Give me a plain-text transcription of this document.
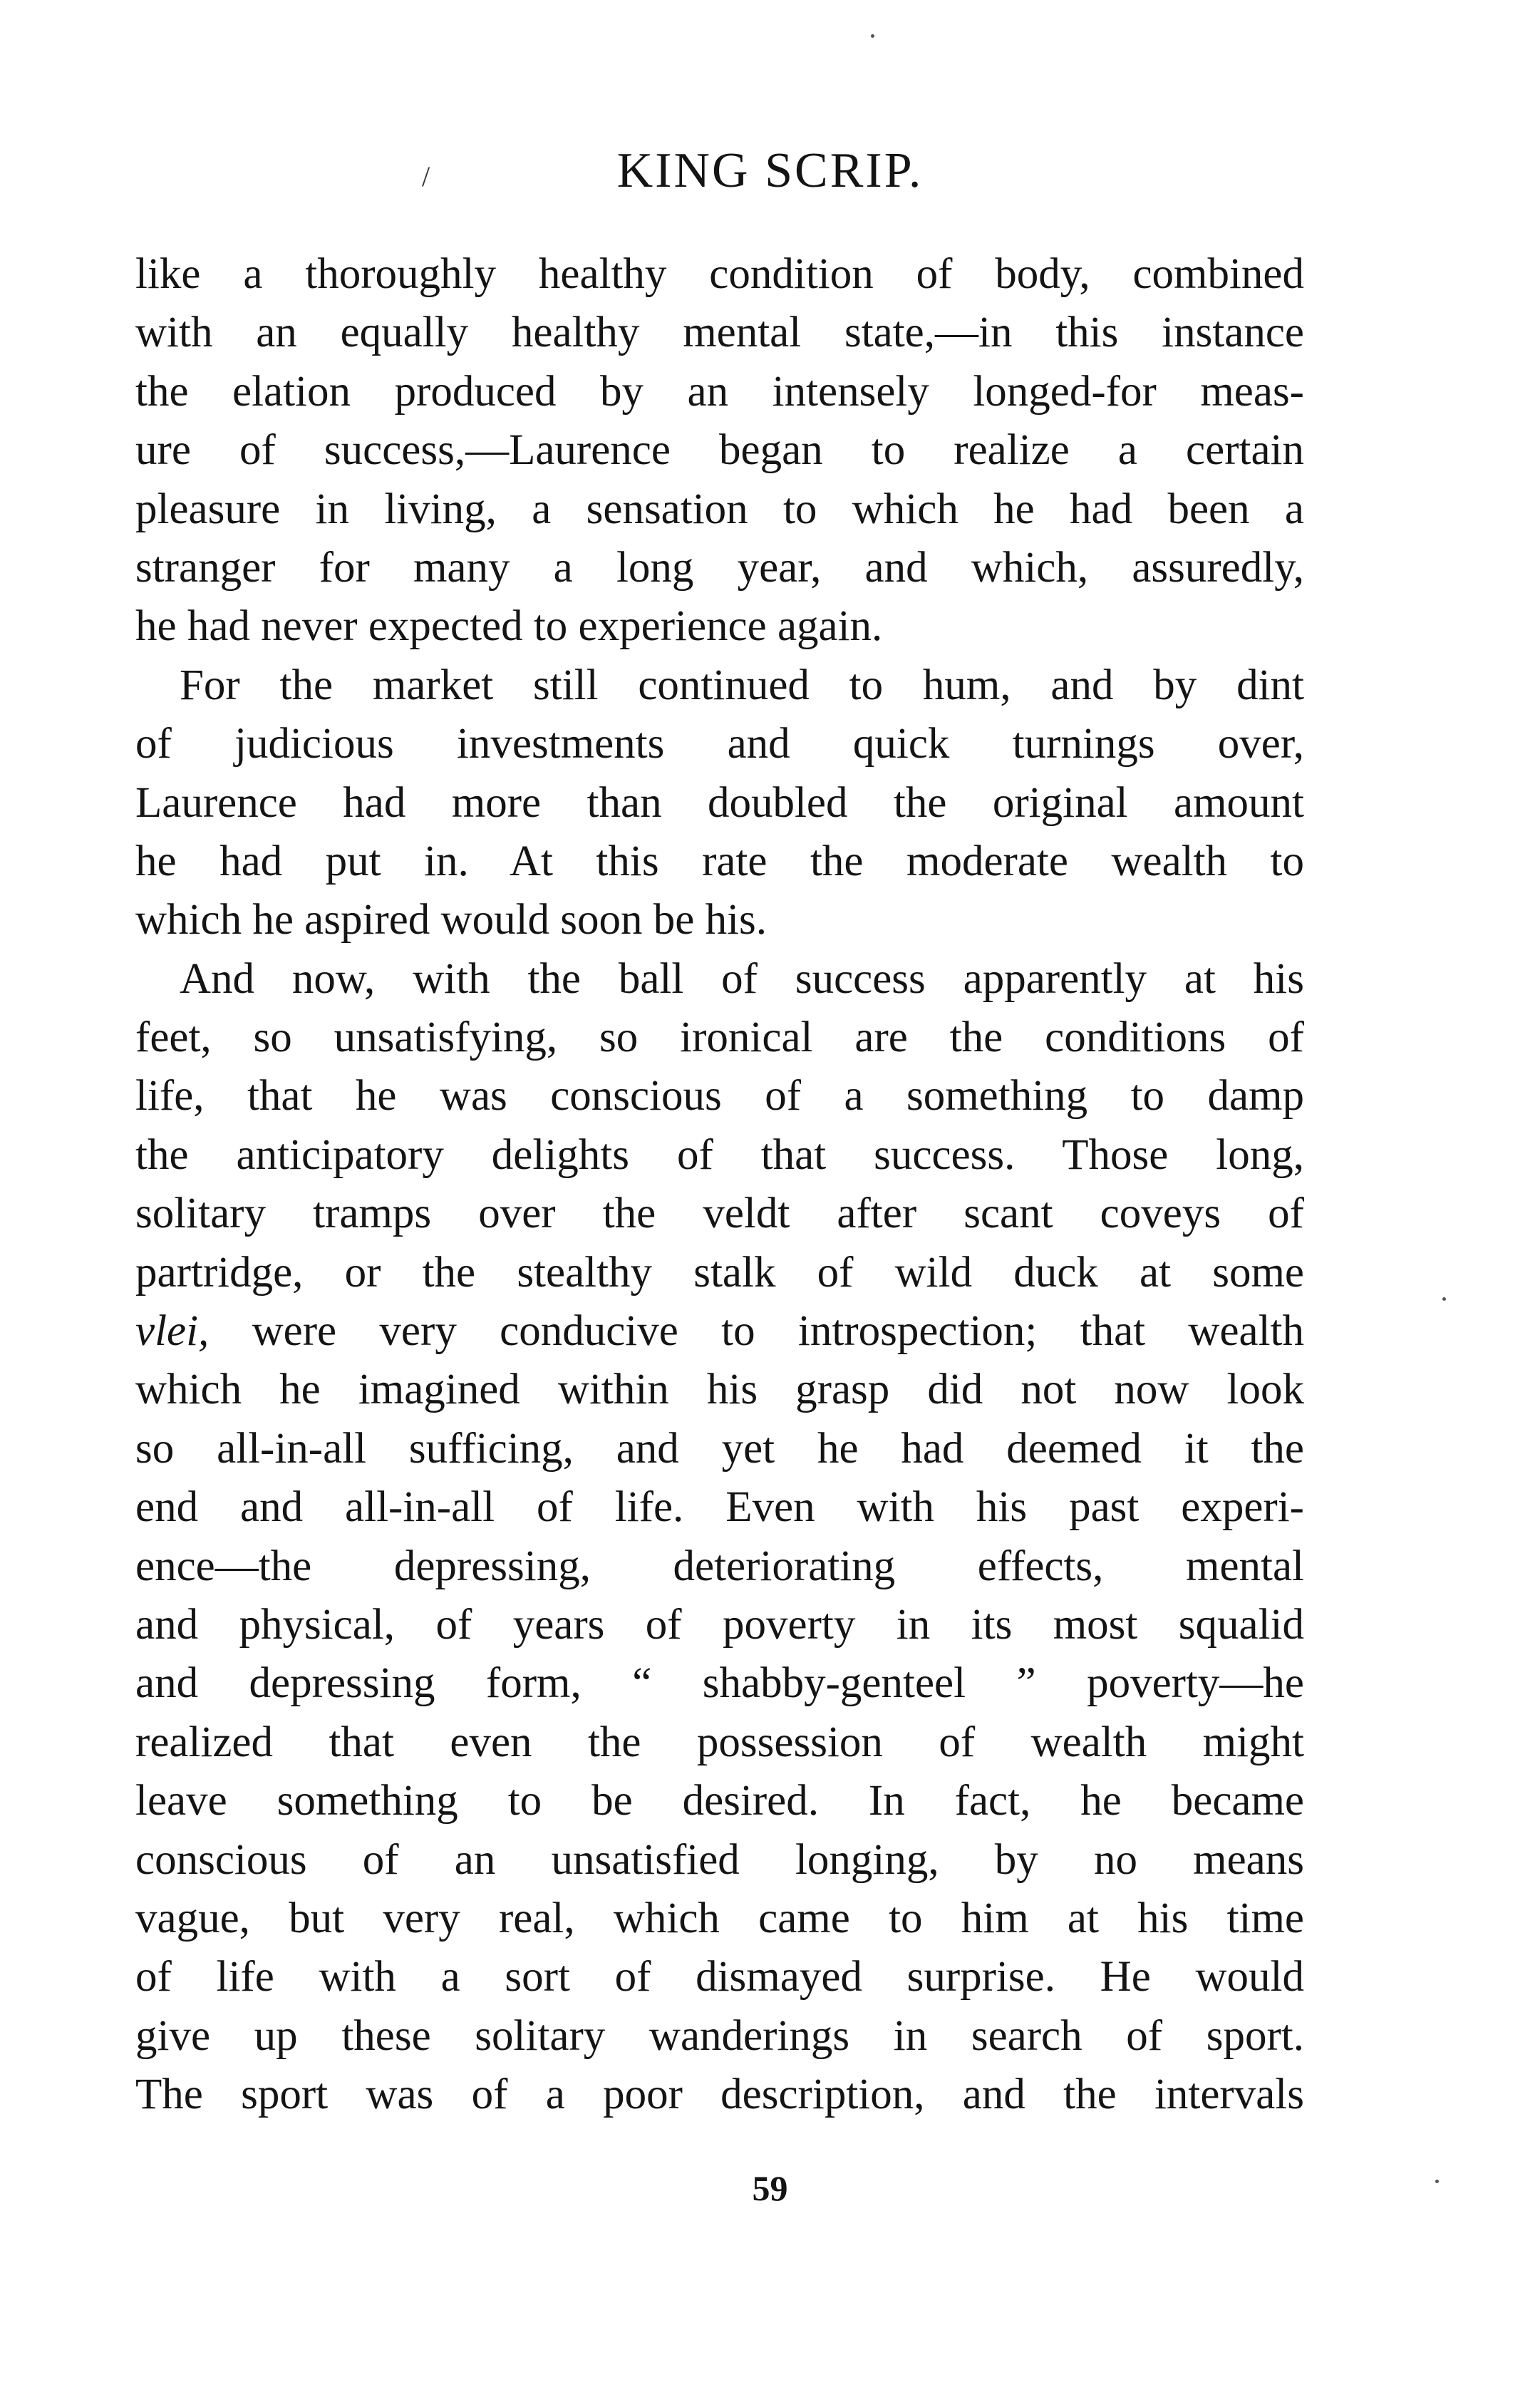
/	KING SCRIP.
like a thoroughly healthy condition of body, combined
with an equally healthy mental state,—in this instance
the elation produced by an intensely longed-for meas-
ure of success,—Laurence began to realize a certain
pleasure in living, a sensation to which he had been a
stranger for many a long year, and which, assuredly,
he had never expected to experience again.
For the market still continued to hum, and by dint
of judicious investments and quick turnings over,
Laurence had more than doubled the original amount
he had put in. At this rate the moderate wealth to
which he aspired would soon be his.
And now, with the ball of success apparently at his
feet, so unsatisfying, so ironical are the conditions of
life, that he was conscious of a something to damp
the anticipatory delights of that success. Those long,
solitary tramps over the veldt after scant coveys of
partridge, or the stealthy stalk of wild duck at some
vlei, were very conducive to introspection; that wealth
which he imagined within his grasp did not now look
so all-in-all sufficing, and yet he had deemed it the
end and all-in-all of life. Even with his past experi-
ence—the depressing, deteriorating effects, mental
and physical, of years of poverty in its most squalid
and depressing form, “ shabby-genteel ” poverty—he
realized that even the possession of wealth might
leave something to be desired. In fact, he became
conscious of an unsatisfied longing, by no means
vague, but very real, which came to him at his time
of life with a sort of dismayed surprise. He would
give up these solitary wanderings in search of sport.
The sport was of a poor description, and the intervals
59
